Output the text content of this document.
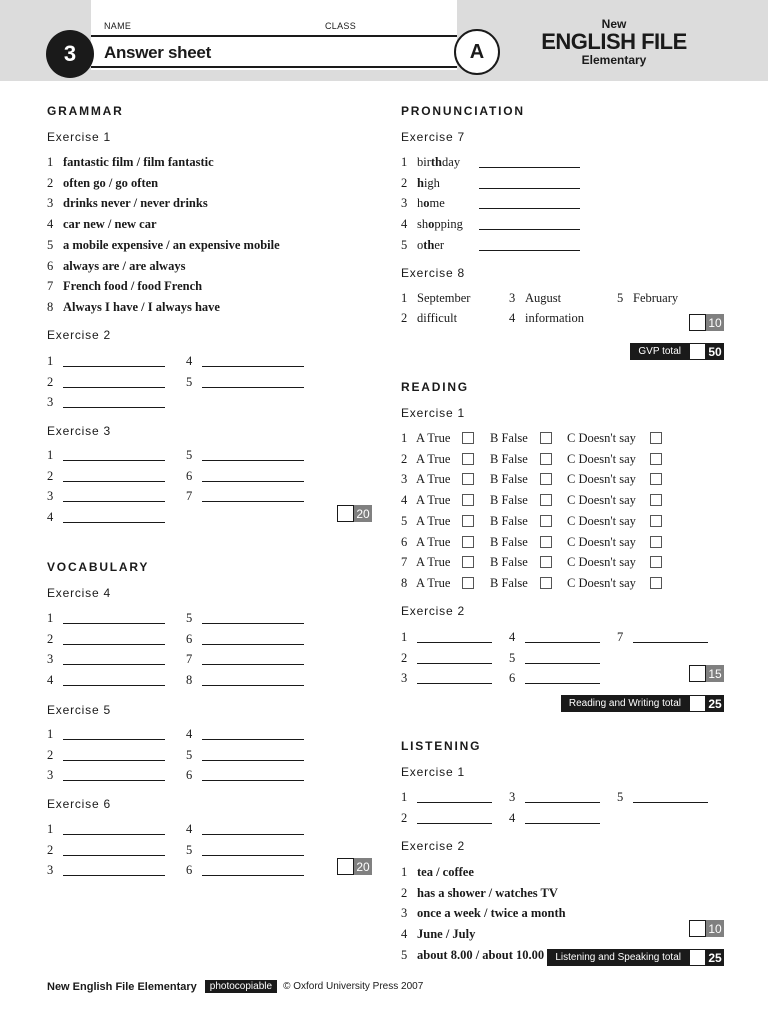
NAME	CLASS
3	Answer sheet	A
New
ENGLISH FILE
Elementary
GRAMMAR
Exercise 1
1 fantastic film / film fantastic
2 often go / go often
3 drinks never / never drinks
4 car new / new car
5 a mobile expensive / an expensive mobile
6 always are / are always
7 French food / food French
8 Always I have / I always have
Exercise 2
1
2
3
4
5
Exercise 3
1
2
3
4
5
6
7
20
VOCABULARY
Exercise 4
1
2
3
4
5
6
7
8
Exercise 5
1
2
3
4
5
6
Exercise 6
1
2
3
4
5
6	20
PRONUNCIATION
Exercise 7
1 birthday
2 high
3 home
4 shopping
5 other
Exercise 8
1 September
2 difficult
3 August
4 information
5 February
10
GVP total	50
READING
Exercise 1
1 A True	B False	C Doesn't say
2 A True	B False	C Doesn't say
3 A True	B False	C Doesn't say
4 A True	B False	C Doesn't say
5 A True	B False	C Doesn't say
6 A True	B False	C Doesn't say
7 A True	B False	C Doesn't say
8 A True	B False	C Doesn't say
Exercise 2
1
2
3
4
5
6
7
15
Reading and Writing total	25
LISTENING
Exercise 1
1
2
3
4
5
Exercise 2
1 tea / coffee
2 has a shower / watches TV
3 once a week / twice a month
4 June / July
5 about 8.00 / about 10.00
10
Listening and Speaking total	25
New English File Elementary	photocopiable	© Oxford University Press 2007
